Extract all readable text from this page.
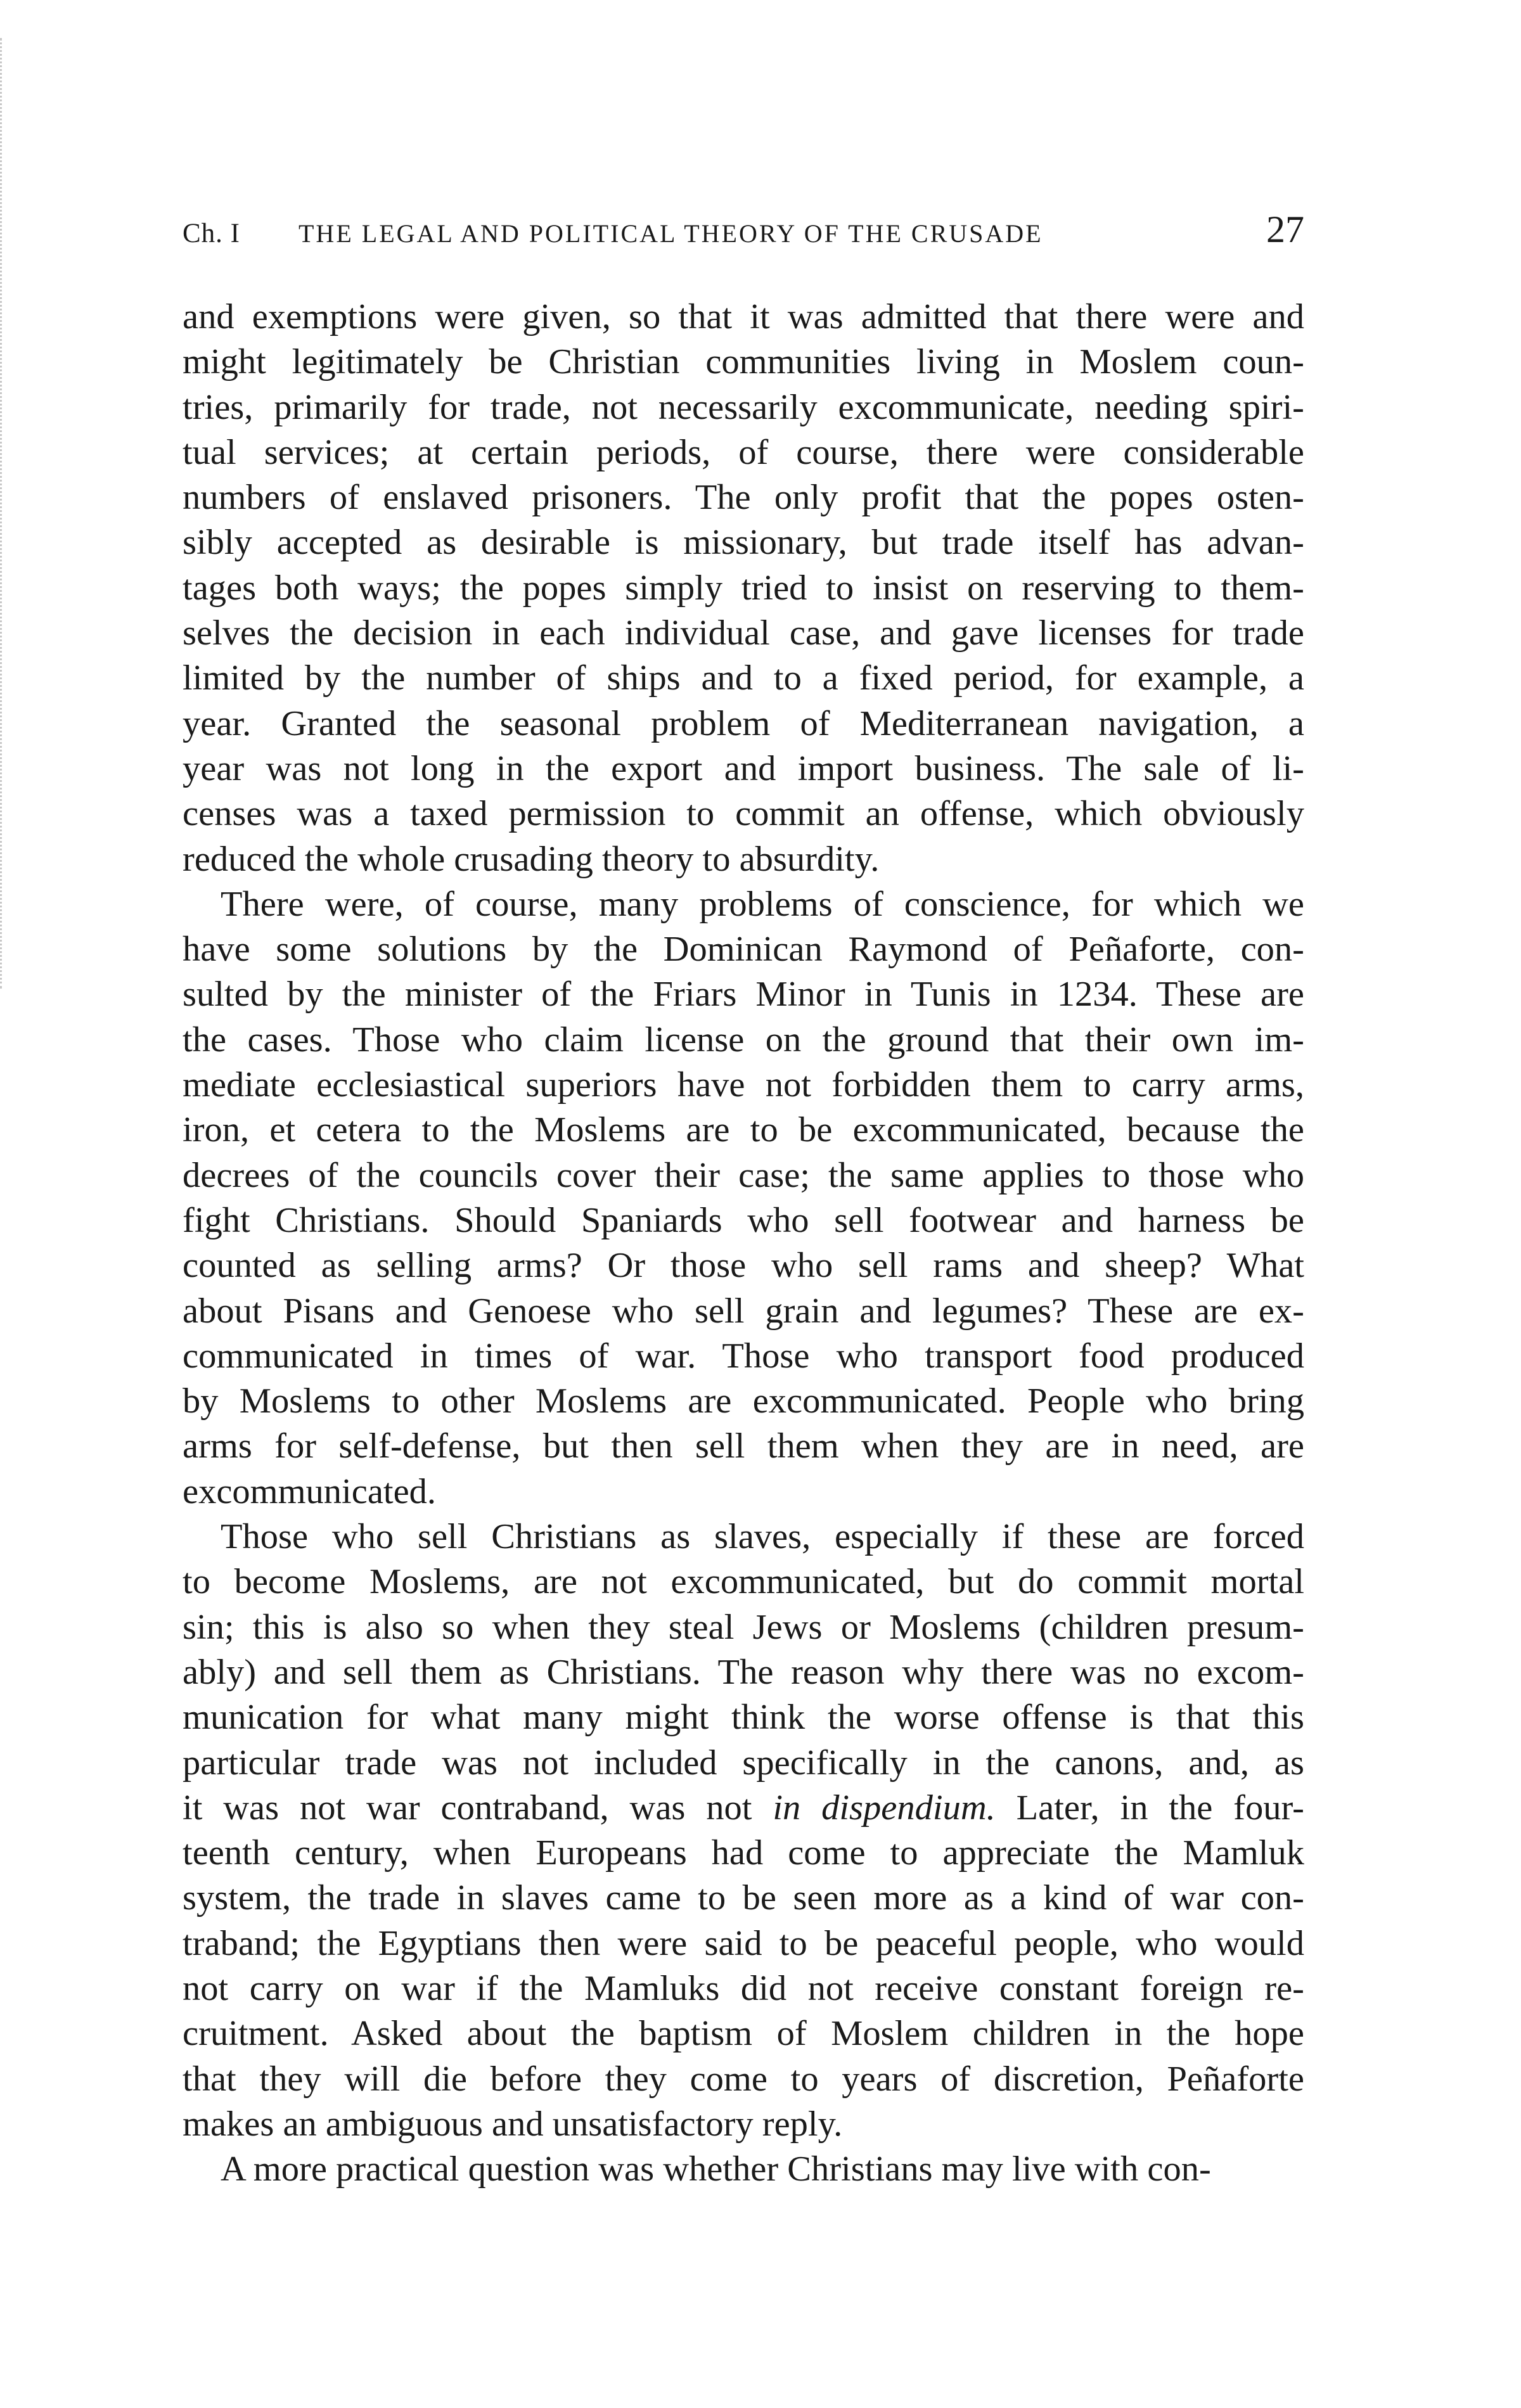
Ch. I THE LEGAL AND POLITICAL THEORY OF THE CRUSADE	27
and exemptions were given, so that it was admitted that there were and
might legitimately be Christian communities living in Moslem coun-
tries, primarily for trade, not necessarily excommunicate, needing spiri-
tual services; at certain periods, of course, there were considerable
numbers of enslaved prisoners. The only profit that the popes osten-
sibly accepted as desirable is missionary, but trade itself has advan-
tages both ways; the popes simply tried to insist on reserving to them-
selves the decision in each individual case, and gave licenses for trade
limited by the number of ships and to a fixed period, for example, a
year. Granted the seasonal problem of Mediterranean navigation, a
year was not long in the export and import business. The sale of li-
censes was a taxed permission to commit an offense, which obviously
reduced the whole crusading theory to absurdity.
There were, of course, many problems of conscience, for which we
have some solutions by the Dominican Raymond of Peñaforte, con-
sulted by the minister of the Friars Minor in Tunis in 1234. These are
the cases. Those who claim license on the ground that their own im-
mediate ecclesiastical superiors have not forbidden them to carry arms,
iron, et cetera to the Moslems are to be excommunicated, because the
decrees of the councils cover their case; the same applies to those who
fight Christians. Should Spaniards who sell footwear and harness be
counted as selling arms? Or those who sell rams and sheep? What
about Pisans and Genoese who sell grain and legumes? These are ex-
communicated in times of war. Those who transport food produced
by Moslems to other Moslems are excommunicated. People who bring
arms for self-defense, but then sell them when they are in need, are
excommunicated.
Those who sell Christians as slaves, especially if these are forced
to become Moslems, are not excommunicated, but do commit mortal
sin; this is also so when they steal Jews or Moslems (children presum-
ably) and sell them as Christians. The reason why there was no excom-
munication for what many might think the worse offense is that this
particular trade was not included specifically in the canons, and, as
it was not war contraband, was not in dispendium. Later, in the four-
teenth century, when Europeans had come to appreciate the Mamluk
system, the trade in slaves came to be seen more as a kind of war con-
traband; the Egyptians then were said to be peaceful people, who would
not carry on war if the Mamluks did not receive constant foreign re-
cruitment. Asked about the baptism of Moslem children in the hope
that they will die before they come to years of discretion, Peñaforte
makes an ambiguous and unsatisfactory reply.
A more practical question was whether Christians may live with con-
